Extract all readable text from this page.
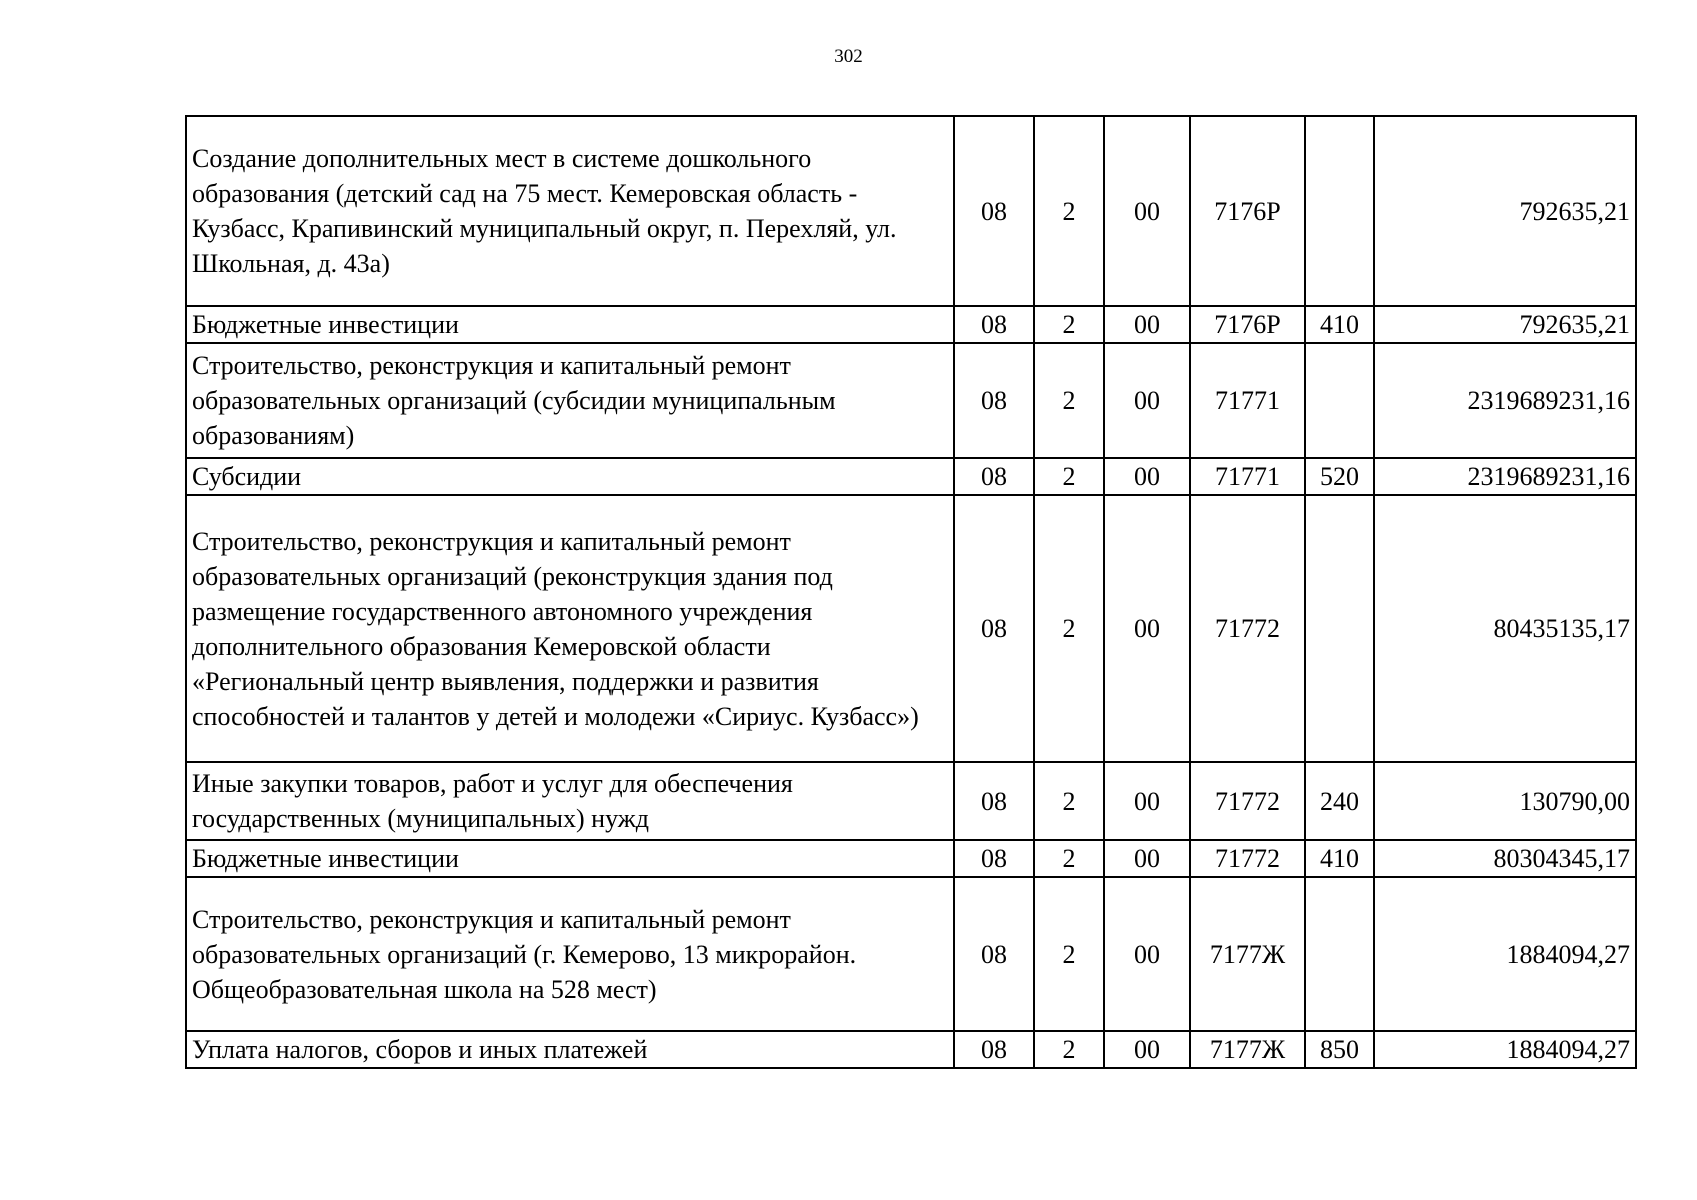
302
Создание дополнительных мест в системе дошкольного образования (детский сад на 75 мест. Кемеровская область - Кузбасс, Крапивинский муниципальный округ, п. Перехляй, ул. Школьная, д. 43а)	08	2	00	7176Р		792635,21
Бюджетные инвестиции	08	2	00	7176Р	410	792635,21
Строительство, реконструкция и капитальный ремонт образовательных организаций (субсидии муниципальным образованиям)	08	2	00	71771		2319689231,16
Субсидии	08	2	00	71771	520	2319689231,16
Строительство, реконструкция и капитальный ремонт образовательных организаций (реконструкция здания под размещение государственного автономного учреждения дополнительного образования Кемеровской области «Региональный центр выявления, поддержки и развития способностей и талантов у детей и молодежи «Сириус. Кузбасс»)	08	2	00	71772		80435135,17
Иные закупки товаров, работ и услуг для обеспечения государственных (муниципальных) нужд	08	2	00	71772	240	130790,00
Бюджетные инвестиции	08	2	00	71772	410	80304345,17
Строительство, реконструкция и капитальный ремонт образовательных организаций (г. Кемерово, 13 микрорайон. Общеобразовательная школа на 528 мест)	08	2	00	7177Ж		1884094,27
Уплата налогов, сборов и иных платежей	08	2	00	7177Ж	850	1884094,27
